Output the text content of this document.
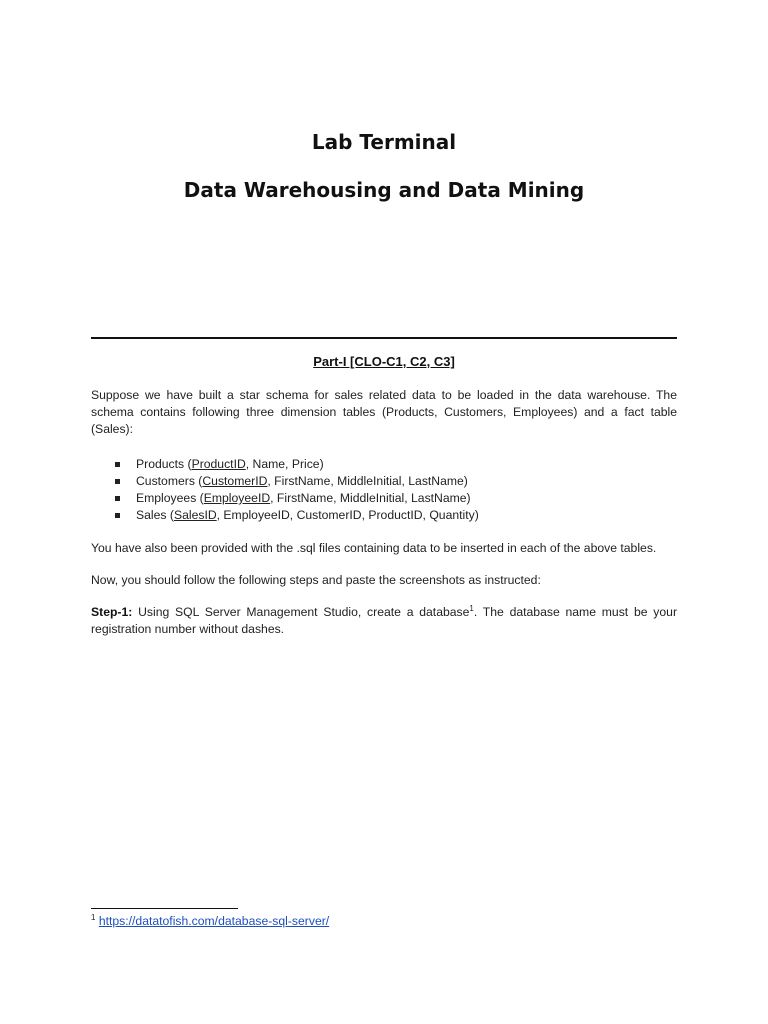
Lab Terminal
Data Warehousing and Data Mining
Part-I [CLO-C1, C2, C3]

Suppose we have built a star schema for sales related data to be loaded in the data warehouse. The schema contains following three dimension tables (Products, Customers, Employees) and a fact table (Sales):

Products (ProductID, Name, Price)
Customers (CustomerID, FirstName, MiddleInitial, LastName)
Employees (EmployeeID, FirstName, MiddleInitial, LastName)
Sales (SalesID, EmployeeID, CustomerID, ProductID, Quantity)

You have also been provided with the .sql files containing data to be inserted in each of the above tables.

Now, you should follow the following steps and paste the screenshots as instructed:

Step-1: Using SQL Server Management Studio, create a database$^1$. The database name must be your registration number without dashes.

$^1$ https://datatofish.com/database-sql-server/
